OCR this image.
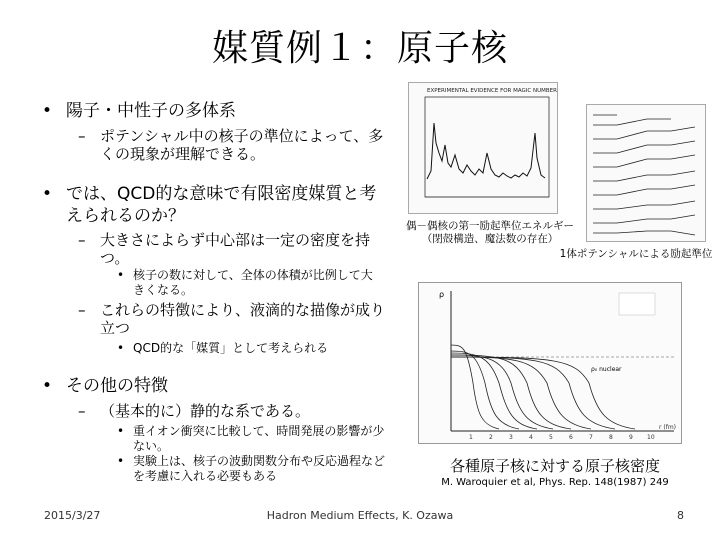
媒質例１：原子核
• 陽子・中性子の多体系
– ポテンシャル中の核子の準位によって、多くの現象が理解できる。
• では、QCD的な意味で有限密度媒質と考えられるのか？
– 大きさによらず中心部は一定の密度を持つ。
• 核子の数に対して、全体の体積が比例して大きくなる。
– これらの特徴により、液滴的な描像が成り立つ
• QCD的な「媒質」として考えられる
• その他の特徴
– （基本的に）静的な系である。
• 重イオン衝突に比較して、時間発展の影響が少ない。
• 実験上は、核子の波動関数分布や反応過程などを考慮に入れる必要もある
EXPERIMENTAL EVIDENCE FOR MAGIC NUMBERS
偶－偶核の第一励起準位エネルギー
（閉殻構造、魔法数の存在）
1体ポテンシャルによる励起準位
ρ
ρ₀ nuclear
1	2	3	4	5	6	7	8	9 10
r (fm)
各種原子核に対する原子核密度
M. Waroquier et al, Phys. Rep. 148(1987) 249
2015/3/27	Hadron Medium Effects, K. Ozawa	8
